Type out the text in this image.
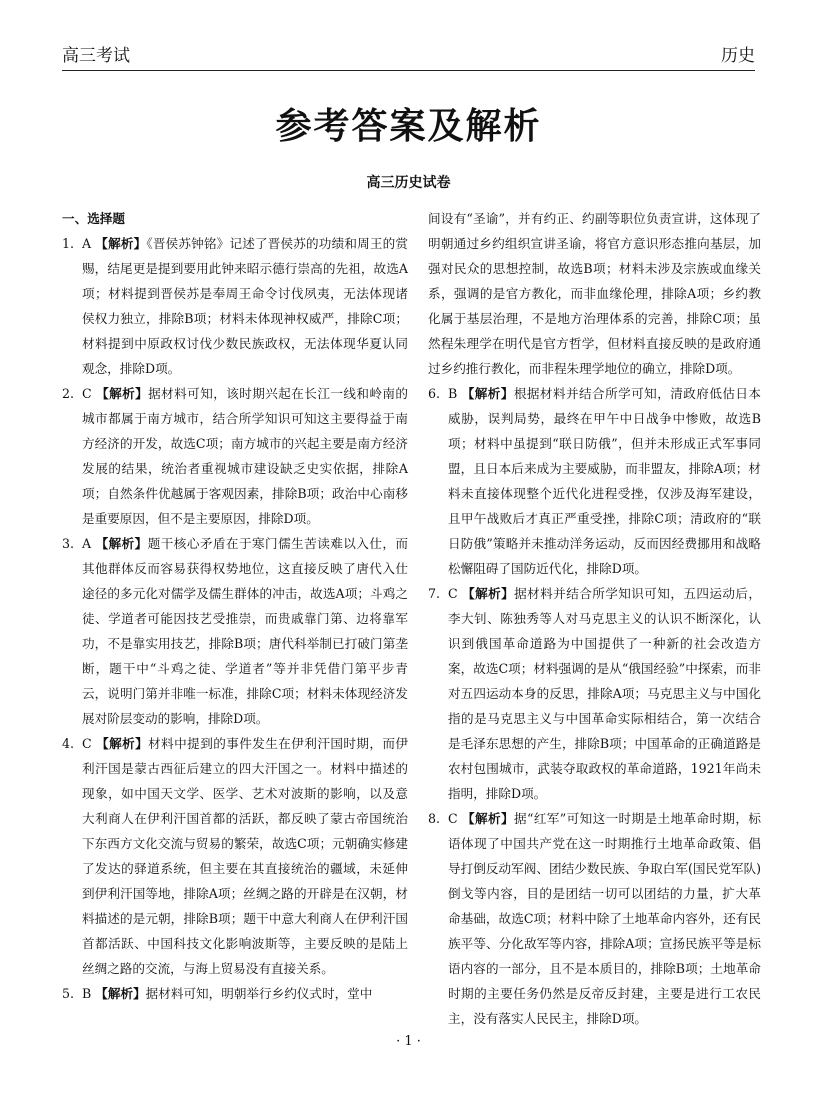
高三考试	历史
参考答案及解析
高三历史试卷
一、选择题
1. A 【解析】《晋侯苏钟铭》记述了晋侯苏的功绩和周王的赏赐，结尾更是提到要用此钟来昭示德行崇高的先祖，故选A项；材料提到晋侯苏是奉周王命令讨伐夙夷，无法体现诸侯权力独立，排除B项；材料未体现神权威严，排除C项；材料提到中原政权讨伐少数民族政权，无法体现华夏认同观念，排除D项。
2. C 【解析】据材料可知，该时期兴起在长江一线和岭南的城市都属于南方城市，结合所学知识可知这主要得益于南方经济的开发，故选C项；南方城市的兴起主要是南方经济发展的结果，统治者重视城市建设缺乏史实依据，排除A项；自然条件优越属于客观因素，排除B项；政治中心南移是重要原因，但不是主要原因，排除D项。
3. A 【解析】题干核心矛盾在于寒门儒生苦读难以入仕，而其他群体反而容易获得权势地位，这直接反映了唐代入仕途径的多元化对儒学及儒生群体的冲击，故选A项；斗鸡之徒、学道者可能因技艺受推崇，而贵戚靠门第、边将靠军功，不是靠实用技艺，排除B项；唐代科举制已打破门第垄断，题干中“斗鸡之徒、学道者”等并非凭借门第平步青云，说明门第并非唯一标准，排除C项；材料未体现经济发展对阶层变动的影响，排除D项。
4. C 【解析】材料中提到的事件发生在伊利汗国时期，而伊利汗国是蒙古西征后建立的四大汗国之一。材料中描述的现象，如中国天文学、医学、艺术对波斯的影响，以及意大利商人在伊利汗国首都的活跃，都反映了蒙古帝国统治下东西方文化交流与贸易的繁荣，故选C项；元朝确实修建了发达的驿道系统，但主要在其直接统治的疆域，未延伸到伊利汗国等地，排除A项；丝绸之路的开辟是在汉朝，材料描述的是元朝，排除B项；题干中意大利商人在伊利汗国首都活跃、中国科技文化影响波斯等，主要反映的是陆上丝绸之路的交流，与海上贸易没有直接关系。
5. B 【解析】据材料可知，明朝举行乡约仪式时，堂中
间设有“圣谕”，并有约正、约副等职位负责宣讲，这体现了明朝通过乡约组织宣讲圣谕，将官方意识形态推向基层，加强对民众的思想控制，故选B项；材料未涉及宗族或血缘关系，强调的是官方教化，而非血缘伦理，排除A项；乡约教化属于基层治理，不是地方治理体系的完善，排除C项；虽然程朱理学在明代是官方哲学，但材料直接反映的是政府通过乡约推行教化，而非程朱理学地位的确立，排除D项。
6. B 【解析】根据材料并结合所学可知，清政府低估日本威胁，误判局势，最终在甲午中日战争中惨败，故选B项；材料中虽提到“联日防俄”，但并未形成正式军事同盟，且日本后来成为主要威胁，而非盟友，排除A项；材料未直接体现整个近代化进程受挫，仅涉及海军建设，且甲午战败后才真正严重受挫，排除C项；清政府的“联日防俄”策略并未推动洋务运动，反而因经费挪用和战略松懈阻碍了国防近代化，排除D项。
7. C 【解析】据材料并结合所学知识可知，五四运动后，李大钊、陈独秀等人对马克思主义的认识不断深化，认识到俄国革命道路为中国提供了一种新的社会改造方案，故选C项；材料强调的是从“俄国经验”中探索，而非对五四运动本身的反思，排除A项；马克思主义与中国化指的是马克思主义与中国革命实际相结合，第一次结合是毛泽东思想的产生，排除B项；中国革命的正确道路是农村包围城市，武装夺取政权的革命道路，1921年尚未指明，排除D项。
8. C 【解析】据“红军”可知这一时期是土地革命时期，标语体现了中国共产党在这一时期推行土地革命政策、倡导打倒反动军阀、团结少数民族、争取白军(国民党军队)倒戈等内容，目的是团结一切可以团结的力量，扩大革命基础，故选C项；材料中除了土地革命内容外，还有民族平等、分化敌军等内容，排除A项；宣扬民族平等是标语内容的一部分，且不是本质目的，排除B项；土地革命时期的主要任务仍然是反帝反封建，主要是进行工农民主，没有落实人民民主，排除D项。
· 1 ·
